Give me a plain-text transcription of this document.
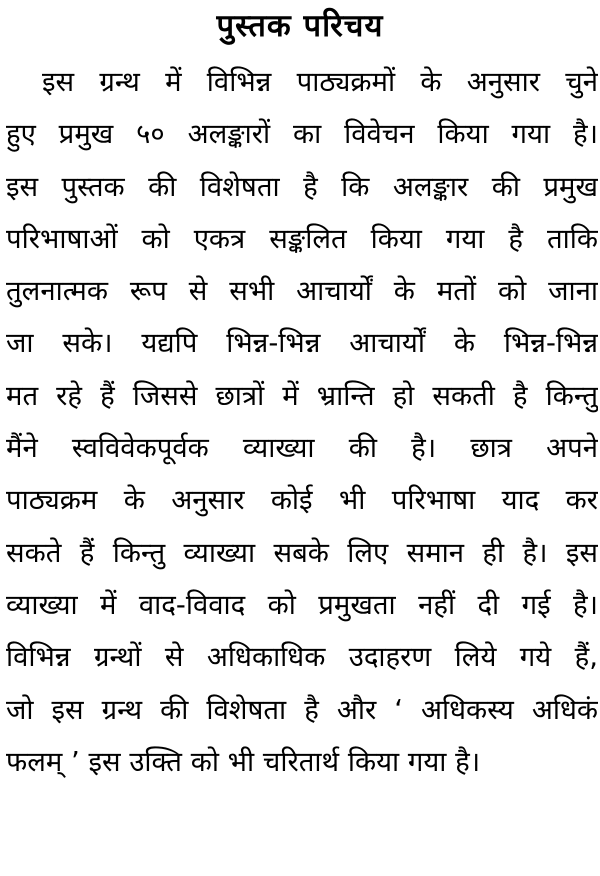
पुस्तक परिचय
इस ग्रन्थ में विभिन्न पाठ्यक्रमों के अनुसार चुने
हुए प्रमुख ५० अलङ्कारों का विवेचन किया गया है।
इस पुस्तक की विशेषता है कि अलङ्कार की प्रमुख
परिभाषाओं को एकत्र सङ्कलित किया गया है ताकि
तुलनात्मक रूप से सभी आचार्यों के मतों को जाना
जा सके। यद्यपि भिन्न-भिन्न आचार्यों के भिन्न-भिन्न
मत रहे हैं जिससे छात्रों में भ्रान्ति हो सकती है किन्तु
मैंने स्वविवेकपूर्वक व्याख्या की है। छात्र अपने
पाठ्यक्रम के अनुसार कोई भी परिभाषा याद कर
सकते हैं किन्तु व्याख्या सबके लिए समान ही है। इस
व्याख्या में वाद-विवाद को प्रमुखता नहीं दी गई है।
विभिन्न ग्रन्थों से अधिकाधिक उदाहरण लिये गये हैं,
जो इस ग्रन्थ की विशेषता है और ‘ अधिकस्य अधिकं
फलम् ’ इस उक्ति को भी चरितार्थ किया गया है।
